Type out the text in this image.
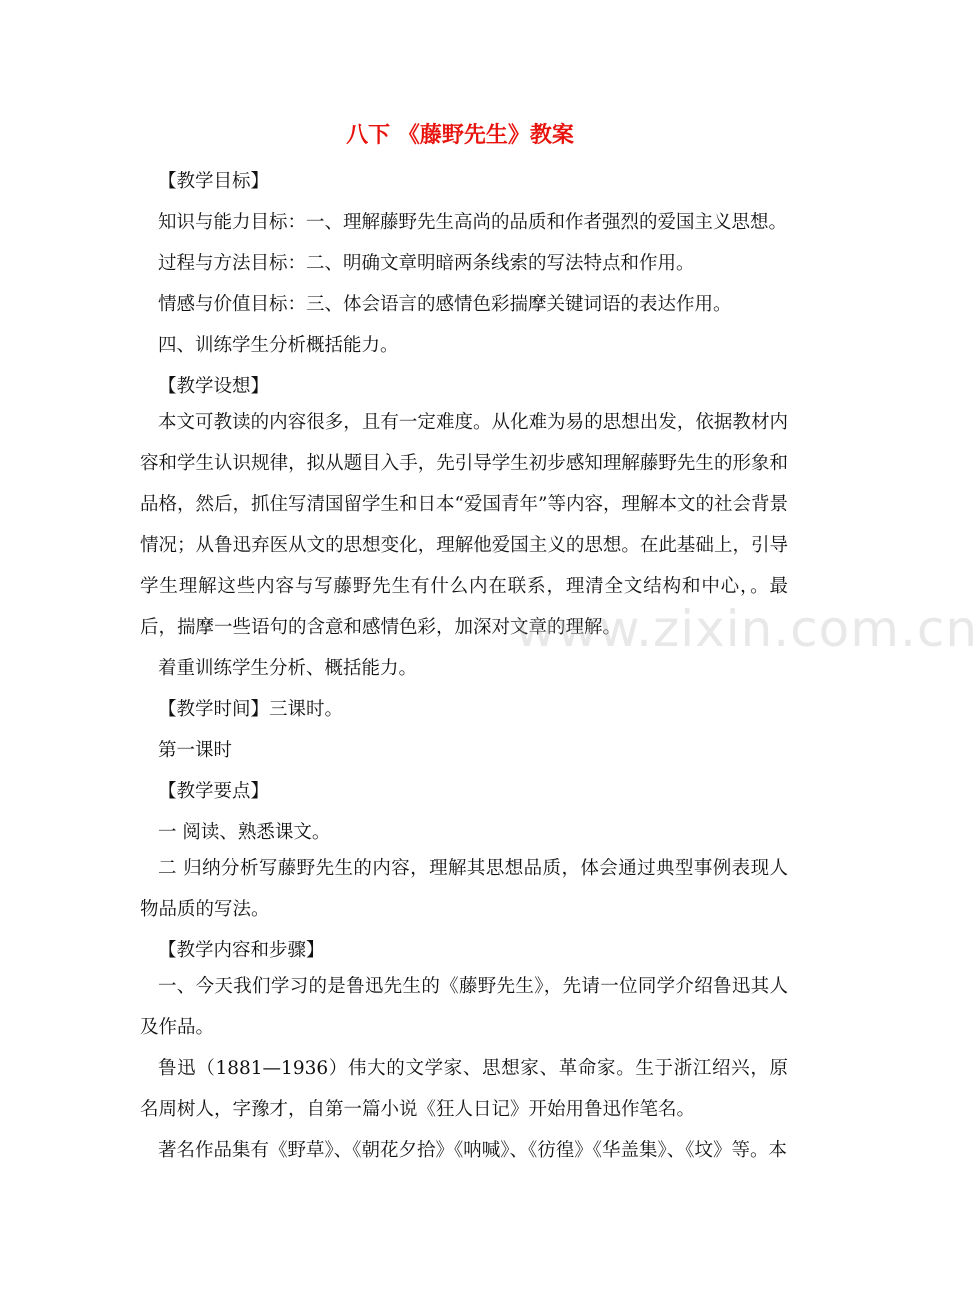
八下 《藤野先生》教案

【教学目标】

知识与能力目标：一、理解藤野先生高尚的品质和作者强烈的爱国主义思想。

过程与方法目标：二、明确文章明暗两条线索的写法特点和作用。

情感与价值目标：三、体会语言的感情色彩揣摩关键词语的表达作用。

四、训练学生分析概括能力。

【教学设想】

本文可教读的内容很多，且有一定难度。从化难为易的思想出发，依据教材内容和学生认识规律，拟从题目入手，先引导学生初步感知理解藤野先生的形象和品格，然后，抓住写清国留学生和日本“爱国青年”等内容，理解本文的社会背景情况；从鲁迅弃医从文的思想变化，理解他爱国主义的思想。在此基础上，引导学生理解这些内容与写藤野先生有什么内在联系，理清全文结构和中心，。最后，揣摩一些语句的含意和感情色彩，加深对文章的理解。

着重训练学生分析、概括能力。

【教学时间】三课时。

第一课时

【教学要点】

一 阅读、熟悉课文。

二 归纳分析写藤野先生的内容，理解其思想品质，体会通过典型事例表现人物品质的写法。

【教学内容和步骤】

一、今天我们学习的是鲁迅先生的《藤野先生》，先请一位同学介绍鲁迅其人及作品。

鲁迅（1881—1936）伟大的文学家、思想家、革命家。生于浙江绍兴，原名周树人，字豫才，自第一篇小说《狂人日记》开始用鲁迅作笔名。

著名作品集有《野草》、《朝花夕拾》《呐喊》、《彷徨》《华盖集》、《坟》等。本

www.zixin.com.cn
